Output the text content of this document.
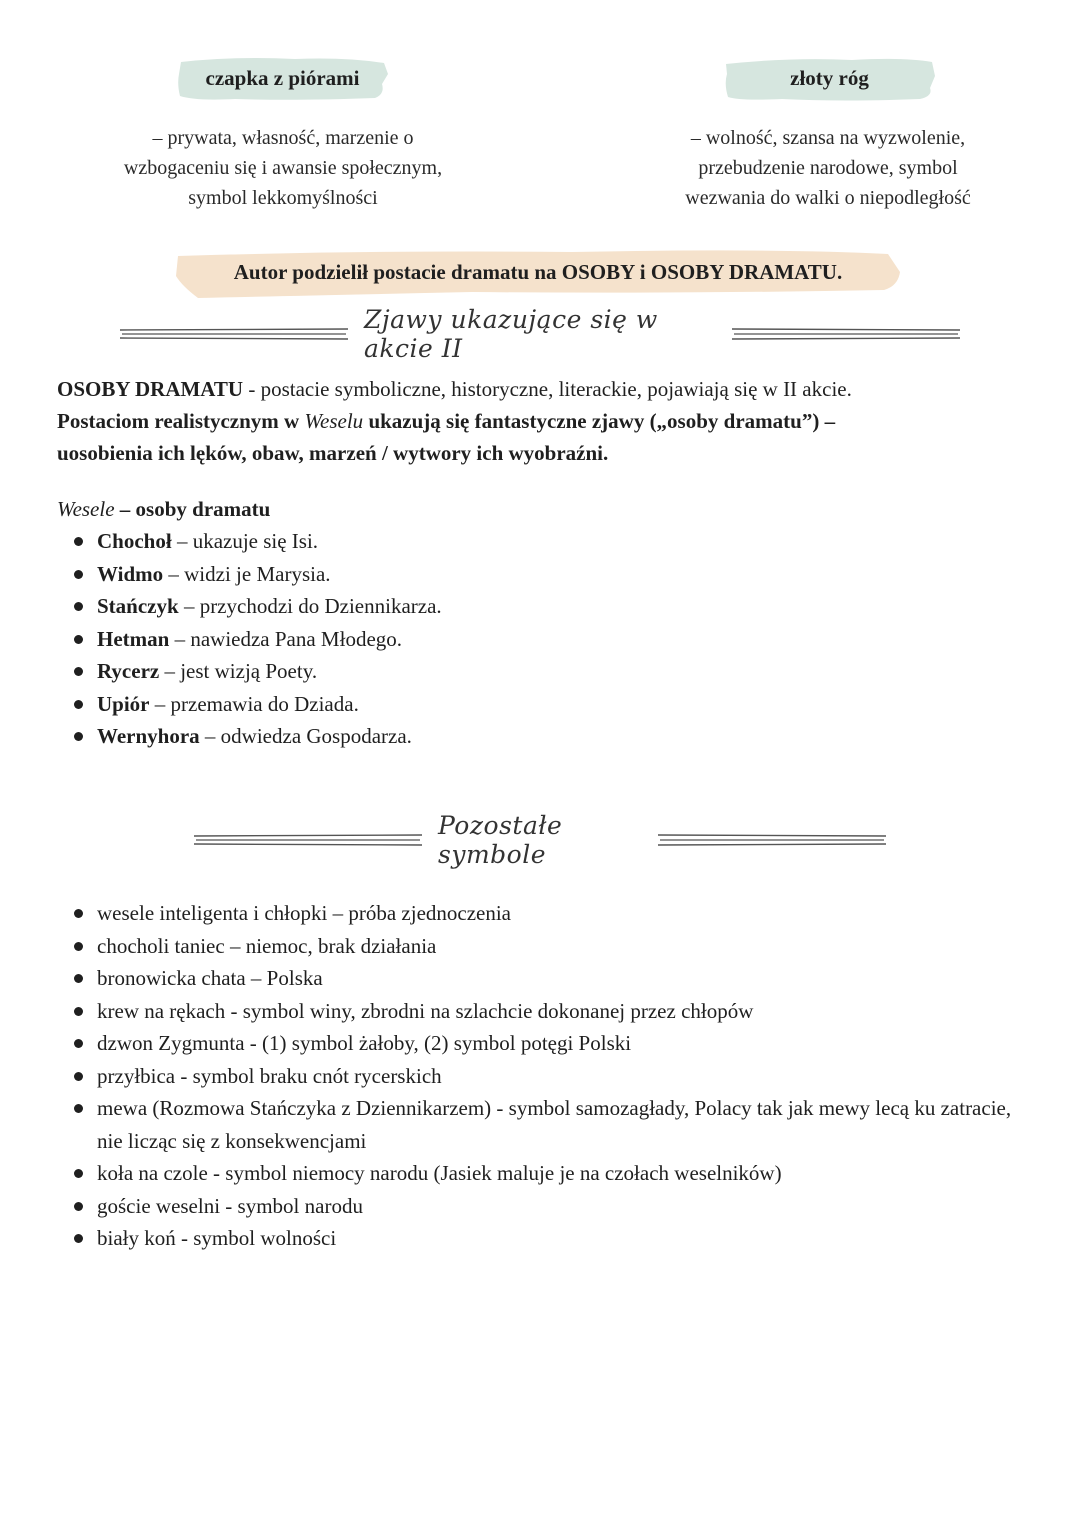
czapka z piórami	złoty róg
– prywata, własność, marzenie o
wzbogaceniu się i awansie społecznym,
symbol lekkomyślności
– wolność, szansa na wyzwolenie,
przebudzenie narodowe, symbol
wezwania do walki o niepodległość
Autor podzielił postacie dramatu na OSOBY i OSOBY DRAMATU.
Zjawy ukazujące się w akcie II
OSOBY DRAMATU - postacie symboliczne, historyczne, literackie, pojawiają się w II akcie.
Postaciom realistycznym w Weselu ukazują się fantastyczne zjawy („osoby dramatu”) –
uosobienia ich lęków, obaw, marzeń / wytwory ich wyobraźni.
Wesele – osoby dramatu
Chochoł – ukazuje się Isi.
Widmo – widzi je Marysia.
Stańczyk – przychodzi do Dziennikarza.
Hetman – nawiedza Pana Młodego.
Rycerz – jest wizją Poety.
Upiór – przemawia do Dziada.
Wernyhora – odwiedza Gospodarza.
Pozostałe symbole
wesele inteligenta i chłopki – próba zjednoczenia
chocholi taniec – niemoc, brak działania
bronowicka chata – Polska
krew na rękach - symbol winy, zbrodni na szlachcie dokonanej przez chłopów
dzwon Zygmunta - (1) symbol żałoby, (2) symbol potęgi Polski
przyłbica - symbol braku cnót rycerskich
mewa (Rozmowa Stańczyka z Dziennikarzem) - symbol samozagłady, Polacy tak jak mewy lecą ku zatracie, nie licząc się z konsekwencjami
koła na czole - symbol niemocy narodu (Jasiek maluje je na czołach weselników)
goście weselni - symbol narodu
biały koń - symbol wolności
